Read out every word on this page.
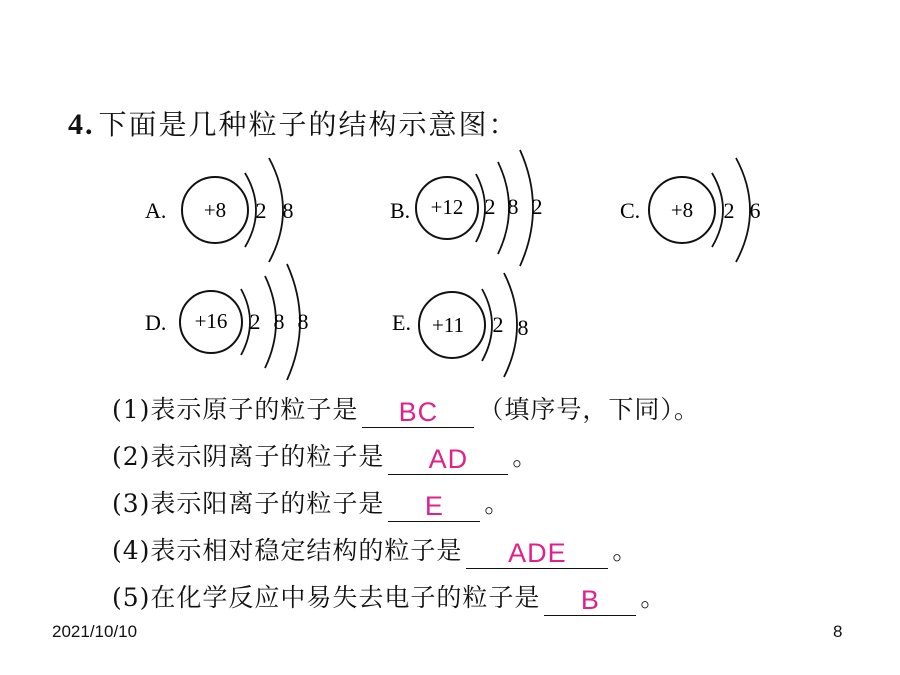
4. 下面是几种粒子的结构示意图：
A. +8 2 8	B. +12 2 8 2	C. +8 2 6
D. +16 2 8 8	E. +11 2 8
(1)表示原子的粒子是	BC	（填序号，下同）。
(2)表示阴离子的粒子是	AD	。
(3)表示阳离子的粒子是	E	。
(4)表示相对稳定结构的粒子是	ADE	。
(5)在化学反应中易失去电子的粒子是	B	。
2021/10/10	8
